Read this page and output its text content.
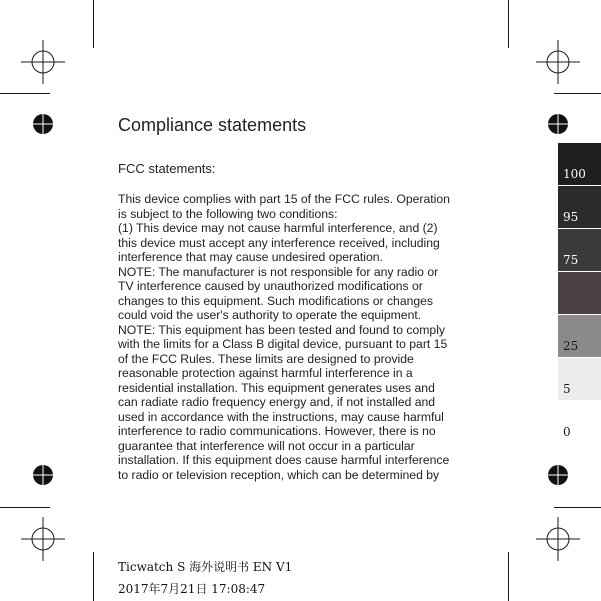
Compliance statements
FCC statements:
This device complies with part 15 of the FCC rules. Operation
is subject to the following two conditions:
(1) This device may not cause harmful interference, and (2)
this device must accept any interference received, including
interference that may cause undesired operation.
NOTE: The manufacturer is not responsible for any radio or
TV interference caused by unauthorized modifications or
changes to this equipment. Such modifications or changes
could void the user's authority to operate the equipment.
NOTE: This equipment has been tested and found to comply
with the limits for a Class B digital device, pursuant to part 15
of the FCC Rules. These limits are designed to provide
reasonable protection against harmful interference in a
residential installation. This equipment generates uses and
can radiate radio frequency energy and, if not installed and
used in accordance with the instructions, may cause harmful
interference to radio communications. However, there is no
guarantee that interference will not occur in a particular
installation. If this equipment does cause harmful interference
to radio or television reception, which can be determined by
100
95
75
25
5
0
Ticwatch S 海外说明书 EN V1
2017年7月21日 17:08:47
